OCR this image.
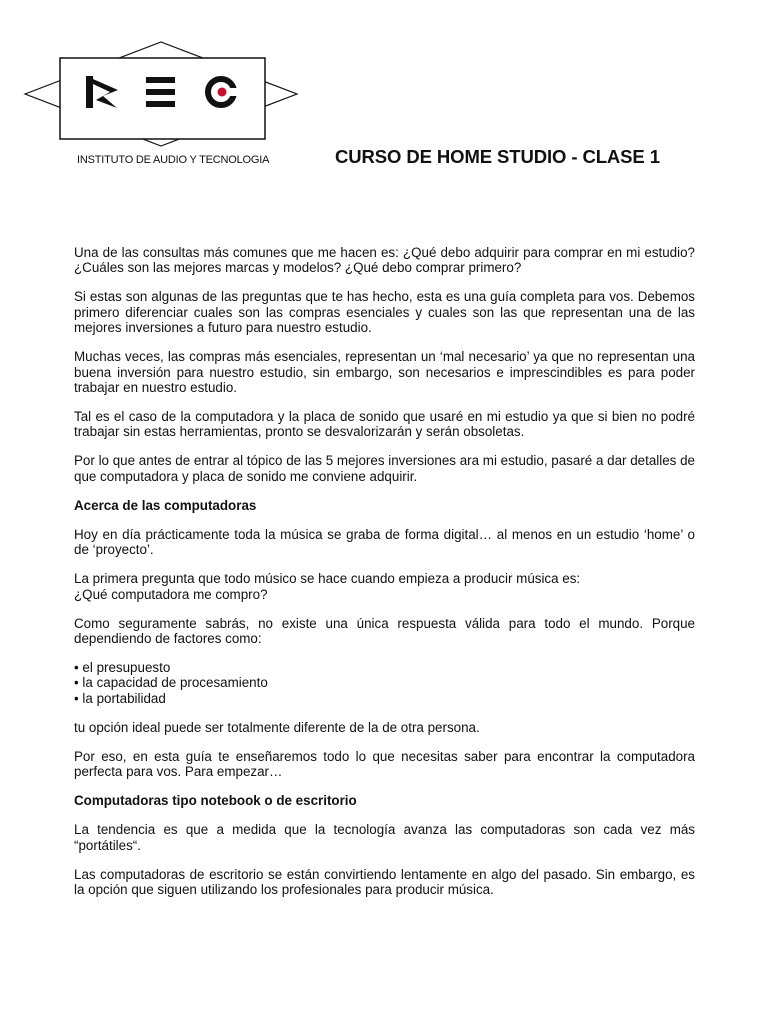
INSTITUTO DE AUDIO Y TECNOLOGIA	CURSO DE HOME STUDIO - CLASE 1

Una de las consultas más comunes que me hacen es: ¿Qué debo adquirir para comprar en mi estudio? ¿Cuáles son las mejores marcas y modelos? ¿Qué debo comprar primero?

Si estas son algunas de las preguntas que te has hecho, esta es una guía completa para vos. Debemos primero diferenciar cuales son las compras esenciales y cuales son las que representan una de las mejores inversiones a futuro para nuestro estudio.

Muchas veces, las compras más esenciales, representan un ‘mal necesario’ ya que no representan una buena inversión para nuestro estudio, sin embargo, son necesarios e imprescindibles es para poder trabajar en nuestro estudio.

Tal es el caso de la computadora y la placa de sonido que usaré en mi estudio ya que si bien no podré trabajar sin estas herramientas, pronto se desvalorizarán y serán obsoletas.

Por lo que antes de entrar al tópico de las 5 mejores inversiones ara mi estudio, pasaré a dar detalles de que computadora y placa de sonido me conviene adquirir.

Acerca de las computadoras

Hoy en día prácticamente toda la música se graba de forma digital… al menos en un estudio ‘home’ o de ‘proyecto’.

La primera pregunta que todo músico se hace cuando empieza a producir música es:
¿Qué computadora me compro?

Como seguramente sabrás, no existe una única respuesta válida para todo el mundo. Porque dependiendo de factores como:

• el presupuesto
• la capacidad de procesamiento
• la portabilidad

tu opción ideal puede ser totalmente diferente de la de otra persona.

Por eso, en esta guía te enseñaremos todo lo que necesitas saber para encontrar la computadora perfecta para vos. Para empezar…

Computadoras tipo notebook o de escritorio

La tendencia es que a medida que la tecnología avanza las computadoras son cada vez más “portátiles“.

Las computadoras de escritorio se están convirtiendo lentamente en algo del pasado. Sin embargo, es la opción que siguen utilizando los profesionales para producir música.
